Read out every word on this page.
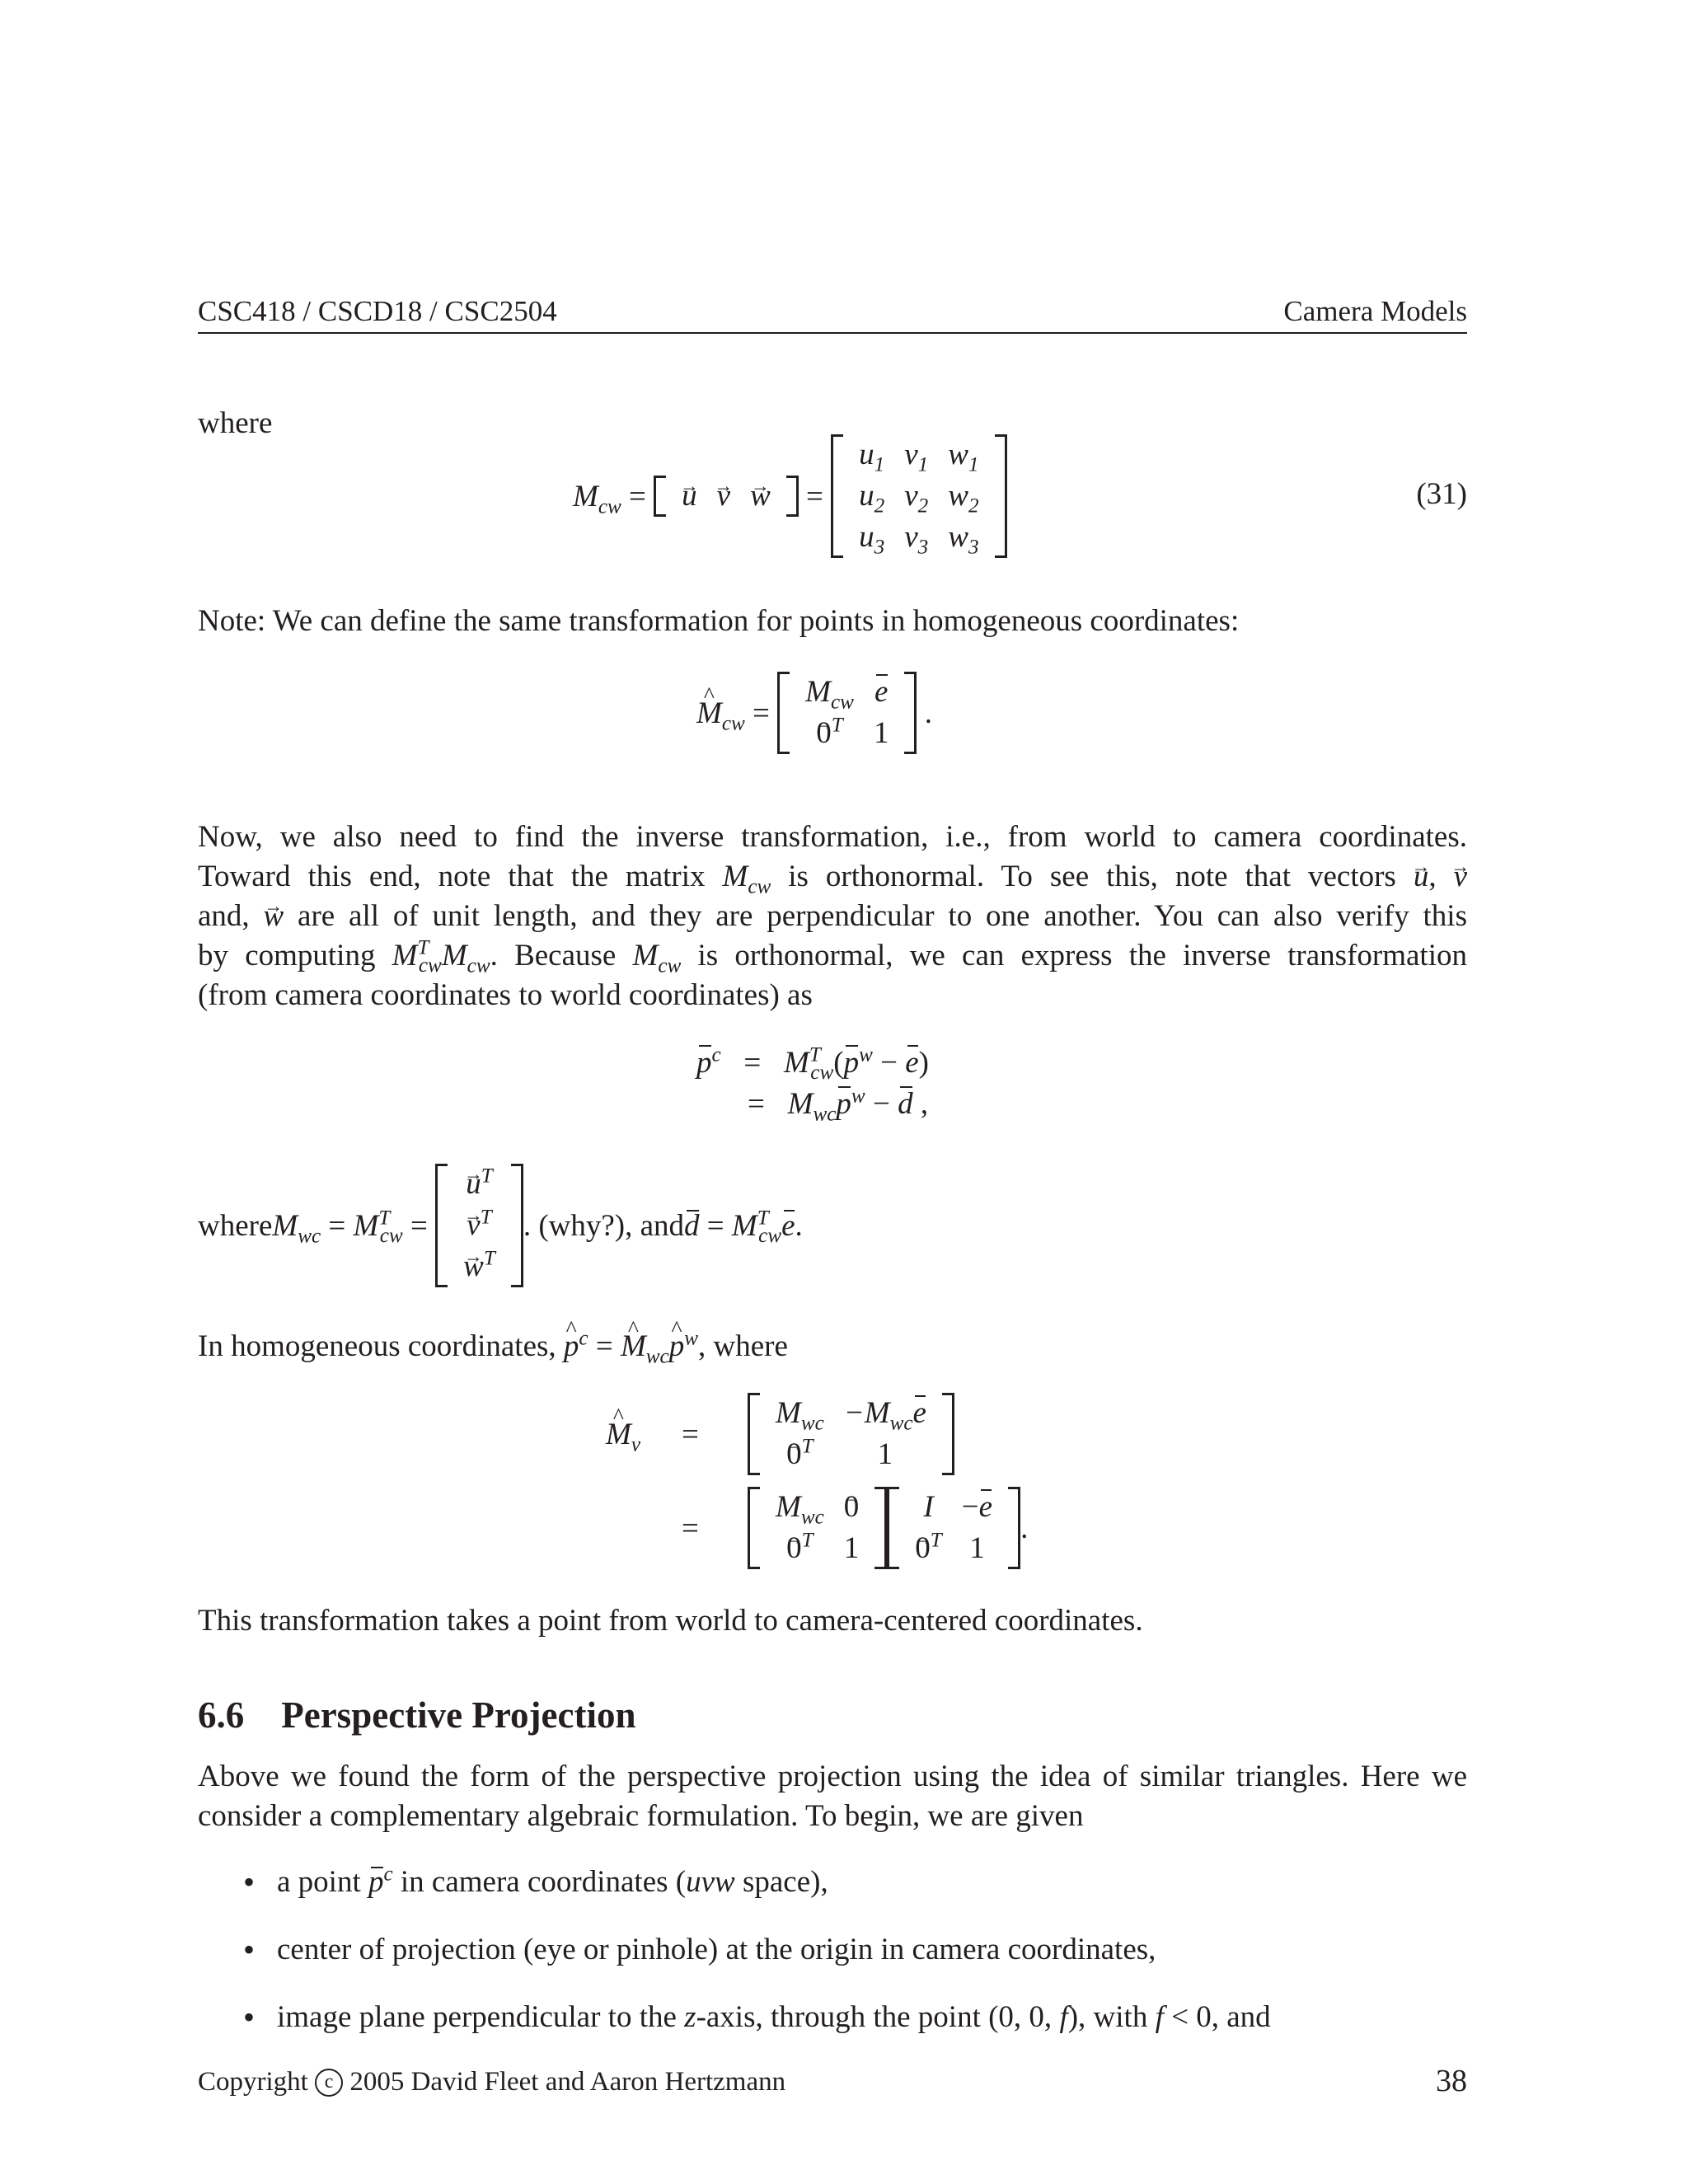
CSC418 / CSCD18 / CSC2504	Camera Models
where
$M_{cw}$ = → u	→v	→w =
$u_1$	$v_1$	$w_1$
$u_2$	$v_2$	$w_2$
$u_3$	$v_3$	$w_3$
(31)
Note: We can define the same transformation for points in homogeneous coordinates:
^ $M_{cw}$ =
$M_{cw}$	e
→ $0^T$	1
.
Now, we also need to find the inverse transformation, i.e., from world to camera coordinates.
Toward this end, note that the matrix $M_{cw}$ is orthonormal. To see this, note that vectors → u, → v
and, → w are all of unit length, and they are perpendicular to one another. You can also verify this
by computing $M^T_{cw}M_{cw}$. Because $M_{cw}$ is orthonormal, we can express the inverse transformation
(from camera coordinates to world coordinates) as
$p^c = M^T_{cw}(p^w - e)$
=   $M_{wc}p^w - d$ ,
where $M_{wc} = M^T_{cw}$ =
→ $u^T$
→ $v^T$
→ $w^T$
. (why?), and $d = M^T_{cw}$ e .
In homogeneous coordinates, ^ $p^c$ = ^ $M_{wc}\^{}$ $p^w$, where
^ $M_v$	=
$M_{wc}$	$-M_{wc}e$
→ $0^T$	1
=
$M_{wc}$	→ 0
→ $0^T$	1
I	−e
→ $0^T$	1
.
This transformation takes a point from world to camera-centered coordinates.
6.6 Perspective Projection
Above we found the form of the perspective projection using the idea of similar triangles. Here we
consider a complementary algebraic formulation. To begin, we are given
• a point $p^c$ in camera coordinates (uvw space),
• center of projection (eye or pinhole) at the origin in camera coordinates,
• image plane perpendicular to the z-axis, through the point (0, 0, f), with f < 0, and
Copyright
c
2005 David Fleet and Aaron Hertzmann	38
